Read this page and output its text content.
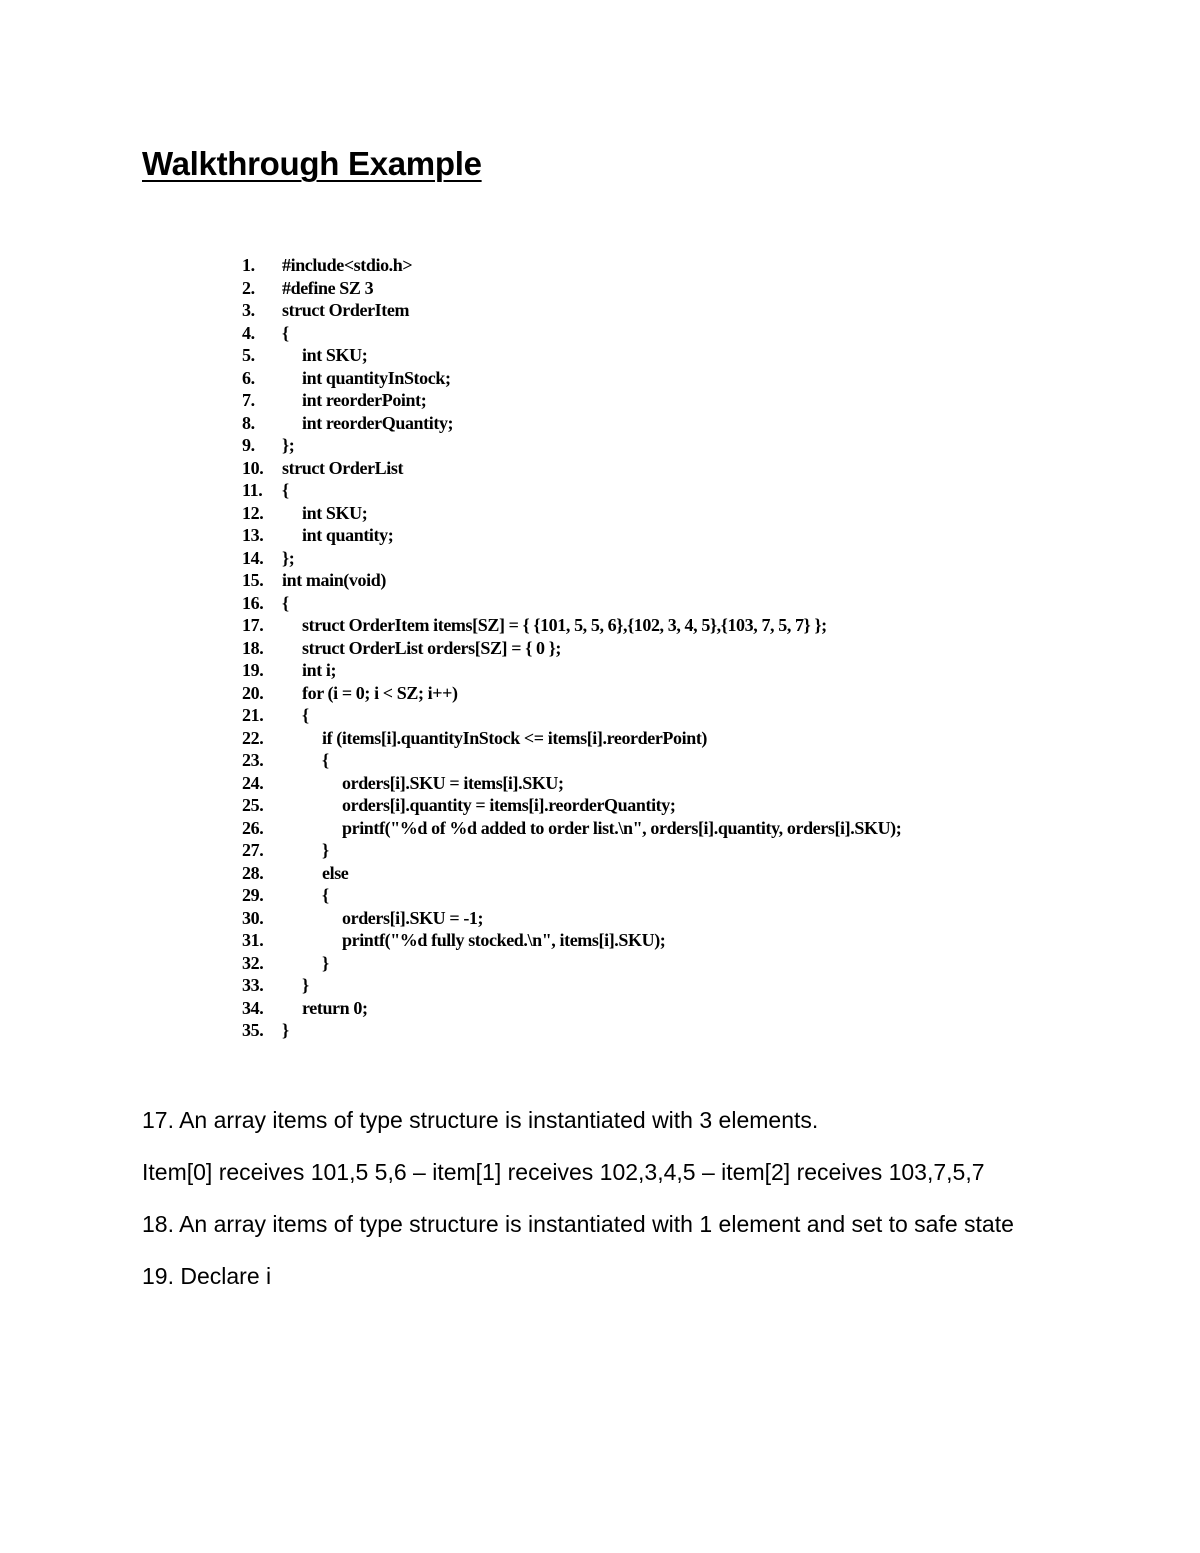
Walkthrough Example
1.	#include<stdio.h>
2.	#define SZ 3
3.	struct OrderItem
4.	{
5.	int SKU;
6.	int quantityInStock;
7.	int reorderPoint;
8.	int reorderQuantity;
9.	};
10.	struct OrderList
11.	{
12.	int SKU;
13.	int quantity;
14.	};
15.	int main(void)
16.	{
17.	struct OrderItem items[SZ] = { {101, 5, 5, 6},{102, 3, 4, 5},{103, 7, 5, 7} };
18.	struct OrderList orders[SZ] = { 0 };
19.	int i;
20.	for (i = 0; i < SZ; i++)
21.	{
22.	if (items[i].quantityInStock <= items[i].reorderPoint)
23.	{
24.	orders[i].SKU = items[i].SKU;
25.	orders[i].quantity = items[i].reorderQuantity;
26.	printf("%d of %d added to order list.\n", orders[i].quantity, orders[i].SKU);
27.	}
28.	else
29.	{
30.	orders[i].SKU = -1;
31.	printf("%d fully stocked.\n", items[i].SKU);
32.	}
33.	}
34.	return 0;
35.	}

17. An array items of type structure is instantiated with 3 elements.

Item[0] receives 101,5 5,6 – item[1] receives 102,3,4,5 – item[2] receives 103,7,5,7

18. An array items of type structure is instantiated with 1 element and set to safe state

19. Declare i
